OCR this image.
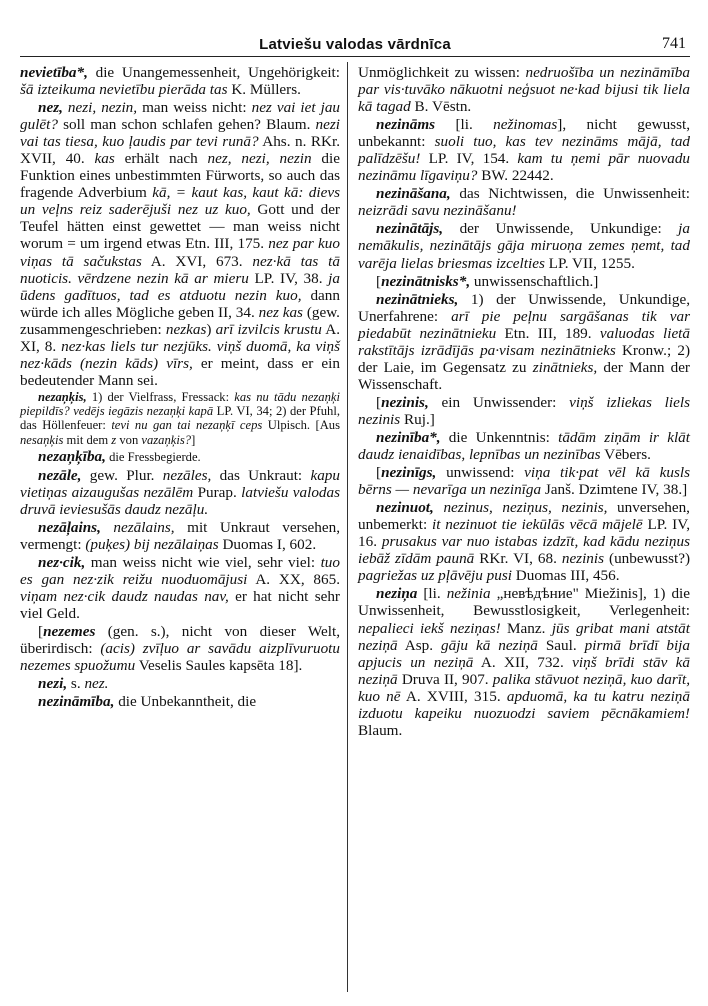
Latviešu valodas vārdnīca	741

nevietība*, die Unangemessenheit, Ungehörigkeit: šā izteikuma nevietību pierāda tas K. Müllers.

nez, nezi, nezin, man weiss nicht: nez vai iet jau gulēt? soll man schon schlafen gehen? Blaum. nezi vai tas tiesa, kuo ļaudis par tevi runā? Ahs. n. RKr. XVII, 40. kas erhält nach nez, nezi, nezin die Funktion eines unbestimmten Fürworts, so auch das fragende Adverbium kā, = kaut kas, kaut kā: dievs un veļns reiz saderējuši nez uz kuo, Gott und der Teufel hätten einst gewettet — man weiss nicht worum = um irgend etwas Etn. III, 175. nez par kuo viņas tā sačukstas A. XVI, 673. nez·kā tas tā nuoticis. vērdzene nezin kā ar mieru LP. IV, 38. ja ūdens gadītuos, tad es atduotu nezin kuo, dann würde ich alles Mögliche geben II, 34. nez kas (gew. zusammengeschrieben: nezkas) arī izvilcis krustu A. XI, 8. nez·kas liels tur nezjūks. viņš duomā, ka viņš nez·kāds (nezin kāds) vīrs, er meint, dass er ein bedeutender Mann sei.

nezaņķis, 1) der Vielfrass, Fressack: kas nu tādu nezaņķi piepildīs? vedējs iegāzis nezaņķi kapā LP. VI, 34; 2) der Pfuhl, das Höllenfeuer: tevi nu gan tai nezaņķī ceps Ulpisch. [Aus nesaņķis mit dem z von vazaņķis?]

nezaņķība, die Fressbegierde.

nezāle, gew. Plur. nezāles, das Unkraut: kapu vietiņas aizaugušas nezālēm Purap. latviešu valodas druvā ieviesušās daudz nezāļu.

nezāļains, nezālains, mit Unkraut versehen, vermengt: (puķes) bij nezālaiņas Duomas I, 602.

nez·cik, man weiss nicht wie viel, sehr viel: tuo es gan nez·zik reižu nuoduomājusi A. XX, 865. viņam nez·cik daudz naudas nav, er hat nicht sehr viel Geld.

[nezemes (gen. s.), nicht von dieser Welt, überirdisch: (acis) zvīļuo ar savādu aizplīvuruotu nezemes spuožumu Veselis Saules kapsēta 18].

nezi, s. nez.

nezināmība, die Unbekanntheit, die

Unmöglichkeit zu wissen: nedruošība un nezināmība par vis·tuvāko nākuotni neģsuot ne·kad bijusi tik liela kā tagad B. Vēstn.

nezināms [li. nežinomas], nicht gewusst, unbekannt: suoli tuo, kas tev nezināms mājā, tad palīdzēšu! LP. IV, 154. kam tu ņemi pār nuovadu nezināmu līgaviņu? BW. 22442.

nezināšana, das Nichtwissen, die Unwissenheit: neizrādi savu nezināšanu!

nezinātājs, der Unwissende, Unkundige: ja nemākulis, nezinātājs gāja miruoņa zemes ņemt, tad varēja lielas briesmas izcelties LP. VII, 1255.

[nezinātnisks*, unwissenschaftlich.]

nezinātnieks, 1) der Unwissende, Unkundige, Unerfahrene: arī pie peļnu sargāšanas tik var piedabūt nezinātnieku Etn. III, 189. valuodas lietā rakstītājs izrādījās pa·visam nezinātnieks Kronw.; 2) der Laie, im Gegensatz zu zinātnieks, der Mann der Wissenschaft.

[nezinis, ein Unwissender: viņš izliekas liels nezinis Ruj.]

nezinība*, die Unkenntnis: tādām ziņām ir klāt daudz ienaidības, lepnības un nezinības Vēbers.

[nezinīgs, unwissend: viņa tik·pat vēl kā kusls bērns — nevarīga un nezinīga Janš. Dzimtene IV, 38.]

nezinuot, nezinus, neziņus, nezinis, unversehen, unbemerkt: it nezinuot tie iekūlās vēcā mājelē LP. IV, 16. prusakus var nuo istabas izdzīt, kad kādu neziņus iebāž zīdām paunā RKr. VI, 68. nezinis (unbewusst?) pagriežas uz pļāvēju pusi Duomas III, 456.

neziņa [li. nežinia „невѣдѣние" Miežinis], 1) die Unwissenheit, Bewusstlosigkeit, Verlegenheit: nepalieci iekš neziņas! Manz. jūs gribat mani atstāt neziņā Asp. gāju kā neziņā Saul. pirmā brīdī bija apjucis un neziņā A. XII, 732. viņš brīdi stāv kā neziņā Druva II, 907. palika stāvuot neziņā, kuo darīt, kuo nē A. XVIII, 315. apduomā, ka tu katru neziņā izduotu kapeiku nuozuodzi saviem pēcnākamiem! Blaum.
